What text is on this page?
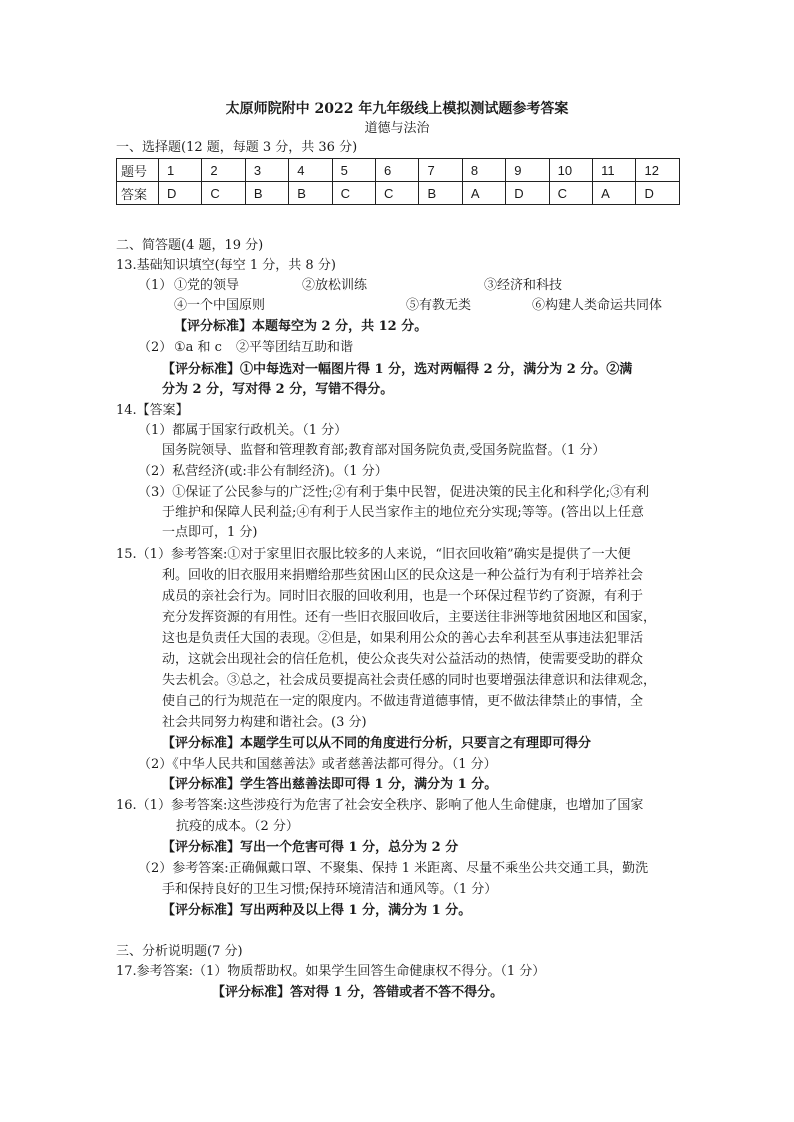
太原师院附中 2022 年九年级线上模拟测试题参考答案
道德与法治
一、选择题(12 题，每题 3 分，共 36 分)
题号	1	2	3	4	5	6	7	8	9	10	11	12
答案	D	C	B	B	C	C	B	A	D	C	A	D
二、简答题(4 题，19 分)
13.基础知识填空(每空 1 分，共 8 分)
（1） ①党的领导	②放松训练	③经济和科技
④一个中国原则	⑤有教无类	⑥构建人类命运共同体
【评分标准】本题每空为 2 分，共 12 分。
（2） ①a 和 c ②平等团结互助和谐
【评分标准】①中每选对一幅图片得 1 分，选对两幅得 2 分，满分为 2 分。②满
分为 2 分，写对得 2 分，写错不得分。
14.【答案】
（1）都属于国家行政机关。（1 分）
国务院领导、监督和管理教育部;教育部对国务院负责,受国务院监督。（1 分）
（2）私营经济(或:非公有制经济)。（1 分）
（3）①保证了公民参与的广泛性;②有利于集中民智，促进决策的民主化和科学化;③有利
于维护和保障人民利益;④有利于人民当家作主的地位充分实现;等等。(答出以上任意
一点即可，1 分)
15.（1）参考答案:①对于家里旧衣服比较多的人来说，“旧衣回收箱”确实是提供了一大便
利。回收的旧衣服用来捐赠给那些贫困山区的民众这是一种公益行为有利于培养社会
成员的亲社会行为。同时旧衣服的回收利用，也是一个环保过程节约了资源，有利于
充分发挥资源的有用性。还有一些旧衣服回收后，主要送往非洲等地贫困地区和国家，
这也是负责任大国的表现。②但是，如果利用公众的善心去牟利甚至从事违法犯罪活
动，这就会出现社会的信任危机，使公众丧失对公益活动的热情，使需要受助的群众
失去机会。③总之，社会成员要提高社会责任感的同时也要增强法律意识和法律观念，
使自己的行为规范在一定的限度内。不做违背道德事情，更不做法律禁止的事情，全
社会共同努力构建和谐社会。(3 分)
【评分标准】本题学生可以从不同的角度进行分析，只要言之有理即可得分
（2）《中华人民共和国慈善法》或者慈善法都可得分。（1 分）
【评分标准】学生答出慈善法即可得 1 分，满分为 1 分。
16.（1）参考答案:这些涉疫行为危害了社会安全秩序、影响了他人生命健康，也增加了国家
抗疫的成本。（2 分）
【评分标准】写出一个危害可得 1 分，总分为 2 分
（2）参考答案:正确佩戴口罩、不聚集、保持 1 米距离、尽量不乘坐公共交通工具，勤洗
手和保持良好的卫生习惯;保持环境清洁和通风等。（1 分）
【评分标准】写出两种及以上得 1 分，满分为 1 分。
三、分析说明题(7 分)
17.参考答案:（1）物质帮助权。如果学生回答生命健康权不得分。（1 分）
【评分标准】答对得 1 分，答错或者不答不得分。
